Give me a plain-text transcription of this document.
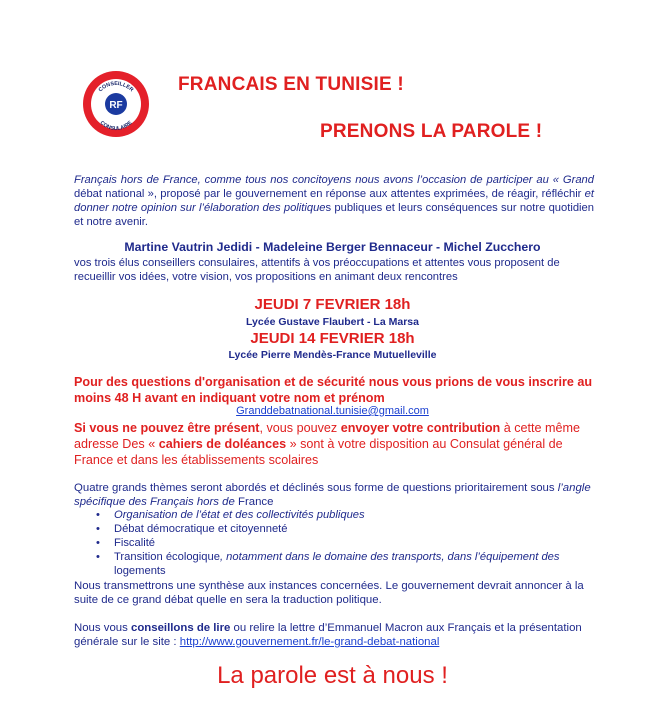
RF
CONSEILLER
CONSULAIRE
FRANCAIS EN TUNISIE !
PRENONS LA PAROLE !
Français hors de France, comme tous nos concitoyens nous avons l’occasion de participer au « Grand débat national », proposé par le gouvernement en réponse aux attentes exprimées, de réagir, réfléchir et donner notre opinion sur l’élaboration des politiques publiques et leurs conséquences sur notre quotidien et notre avenir.
Martine Vautrin Jedidi - Madeleine Berger Bennaceur - Michel Zucchero
vos trois élus conseillers consulaires, attentifs à vos préoccupations et attentes vous proposent de recueillir vos idées, votre vision, vos propositions en animant deux rencontres
JEUDI 7 FEVRIER 18h
Lycée Gustave Flaubert - La Marsa
JEUDI 14 FEVRIER 18h
Lycée Pierre Mendès-France Mutuelleville
Pour des questions d'organisation et de sécurité nous vous prions de vous inscrire au moins 48 H avant en indiquant votre nom et prénom
Granddebatnational.tunisie@gmail.com
Si vous ne pouvez être présent, vous pouvez envoyer votre contribution à cette même adresse Des « cahiers de doléances » sont à votre disposition au Consulat général de France et dans les établissements scolaires
Quatre grands thèmes seront abordés et déclinés sous forme de questions prioritairement sous l’angle spécifique des Français hors de France
• Organisation de l’état et des collectivités publiques
• Débat démocratique et citoyenneté
• Fiscalité
• Transition écologique, notamment dans le domaine des transports, dans l’équipement des logements
Nous transmettrons une synthèse aux instances concernées. Le gouvernement devrait annoncer à la suite de ce grand débat quelle en sera la traduction politique.
Nous vous conseillons de lire ou relire la lettre d’Emmanuel Macron aux Français et la présentation générale sur le site : http://www.gouvernement.fr/le-grand-debat-national
La parole est à nous !
